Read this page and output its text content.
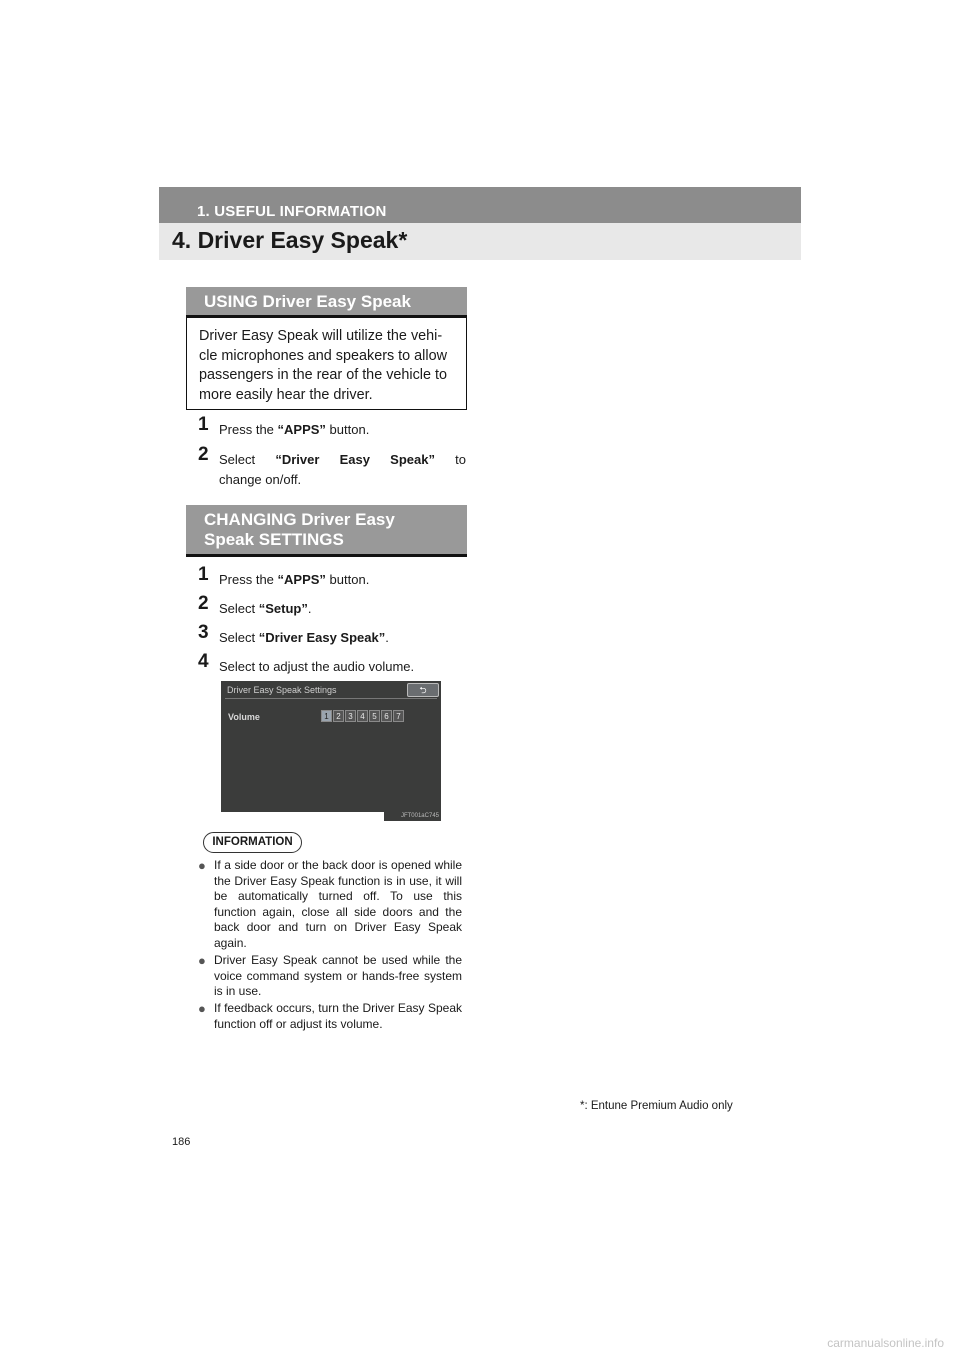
1. USEFUL INFORMATION
4. Driver Easy Speak*
USING Driver Easy Speak
Driver Easy Speak will utilize the vehi-
cle microphones and speakers to allow
passengers in the rear of the vehicle to
more easily hear the driver.
1 Press the “APPS” button.
2 Select “Driver Easy Speak” to
change on/off.
CHANGING Driver Easy
Speak SETTINGS
1 Press the “APPS” button.
2 Select “Setup”.
3 Select “Driver Easy Speak”.
4 Select to adjust the audio volume.
Driver Easy Speak Settings	⮌
Volume	1 2 3 4 5 6 7
JFT001aC745
INFORMATION
● If a side door or the back door is opened while the Driver Easy Speak function is in use, it will be automatically turned off. To use this function again, close all side doors and the back door and turn on Driver Easy Speak again.
● Driver Easy Speak cannot be used while the voice command system or hands-free system is in use.
● If feedback occurs, turn the Driver Easy Speak function off or adjust its volume.
*: Entune Premium Audio only
186
carmanualsonline.info
